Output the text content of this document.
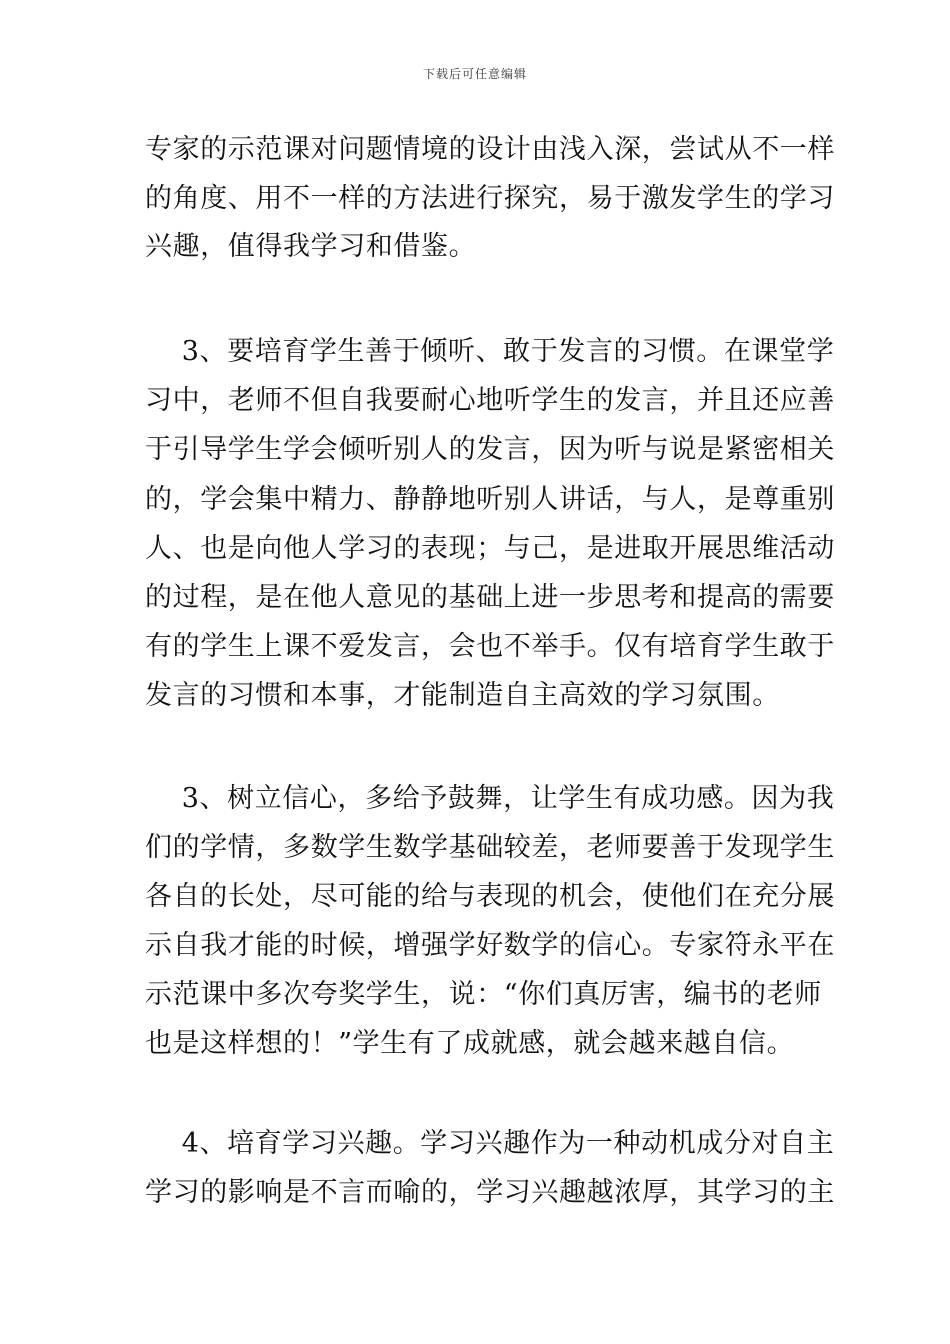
下载后可任意编辑
专家的示范课对问题情境的设计由浅入深，尝试从不一样
的角度、用不一样的方法进行探究，易于激发学生的学习
兴趣，值得我学习和借鉴。
3、要培育学生善于倾听、敢于发言的习惯。在课堂学
习中，老师不但自我要耐心地听学生的发言，并且还应善
于引导学生学会倾听别人的发言，因为听与说是紧密相关
的，学会集中精力、静静地听别人讲话，与人，是尊重别
人、也是向他人学习的表现；与己，是进取开展思维活动
的过程，是在他人意见的基础上进一步思考和提高的需要
有的学生上课不爱发言，会也不举手。仅有培育学生敢于
发言的习惯和本事，才能制造自主高效的学习氛围。
3、树立信心，多给予鼓舞，让学生有成功感。因为我
们的学情，多数学生数学基础较差，老师要善于发现学生
各自的长处，尽可能的给与表现的机会，使他们在充分展
示自我才能的时候，增强学好数学的信心。专家符永平在
示范课中多次夸奖学生，说：“你们真厉害，编书的老师
也是这样想的！”学生有了成就感，就会越来越自信。
4、培育学习兴趣。学习兴趣作为一种动机成分对自主
学习的影响是不言而喻的，学习兴趣越浓厚，其学习的主
